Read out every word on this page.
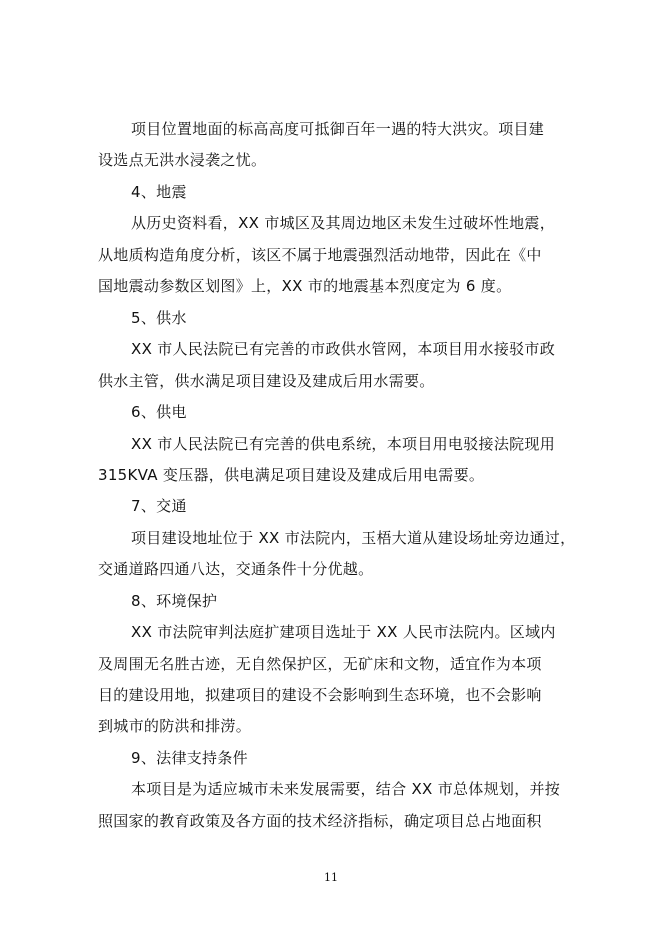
项目位置地面的标高高度可抵御百年一遇的特大洪灾。项目建
设选点无洪水浸袭之忧。
4、地震
从历史资料看，XX 市城区及其周边地区未发生过破坏性地震，
从地质构造角度分析，该区不属于地震强烈活动地带，因此在《中
国地震动参数区划图》上，XX 市的地震基本烈度定为 6 度。
5、供水
XX 市人民法院已有完善的市政供水管网，本项目用水接驳市政
供水主管，供水满足项目建设及建成后用水需要。
6、供电
XX 市人民法院已有完善的供电系统，本项目用电驳接法院现用
315KVA 变压器，供电满足项目建设及建成后用电需要。
7、交通
项目建设地址位于 XX 市法院内，玉梧大道从建设场址旁边通过，
交通道路四通八达，交通条件十分优越。
8、环境保护
XX 市法院审判法庭扩建项目选址于 XX 人民市法院内。区域内
及周围无名胜古迹，无自然保护区，无矿床和文物，适宜作为本项
目的建设用地，拟建项目的建设不会影响到生态环境，也不会影响
到城市的防洪和排涝。
9、法律支持条件
本项目是为适应城市未来发展需要，结合 XX 市总体规划，并按
照国家的教育政策及各方面的技术经济指标，确定项目总占地面积
11
